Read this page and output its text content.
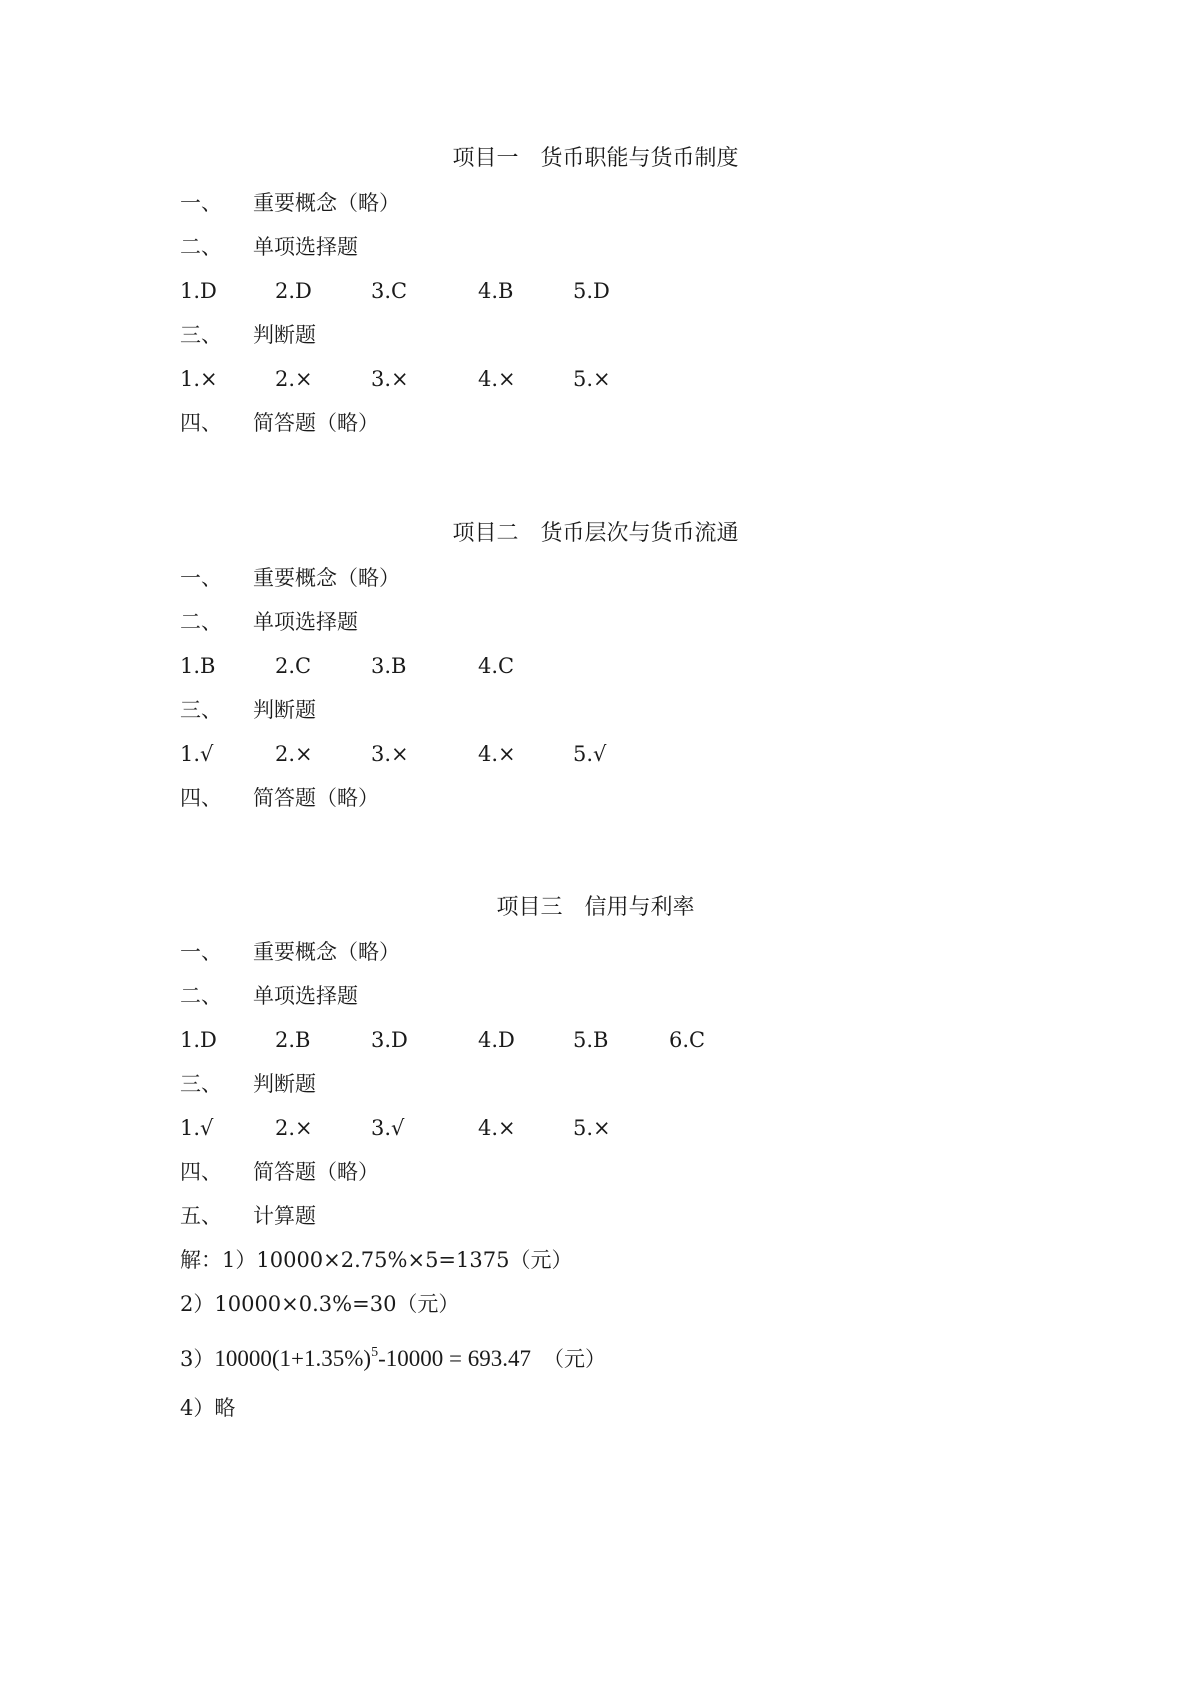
项目一　货币职能与货币制度
一、 重要概念（略）
二、 单项选择题
1.D	2.D	3.C	4.B	5.D
三、 判断题
1.×	2.×	3.×	4.×	5.×
四、 简答题（略）
项目二　货币层次与货币流通
一、 重要概念（略）
二、 单项选择题
1.B	2.C	3.B	4.C
三、 判断题
1.√	2.×	3.×	4.×	5.√
四、 简答题（略）
项目三　信用与利率
一、 重要概念（略）
二、 单项选择题
1.D	2.B	3.D	4.D	5.B	6.C
三、 判断题
1.√	2.×	3.√	4.×	5.×
四、 简答题（略）
五、 计算题
解：1）10000×2.75%×5=1375（元）
2）10000×0.3%=30（元）
$3)10000(1+1.35\%)^5-10000 = 693.47$ （元）
4）略
